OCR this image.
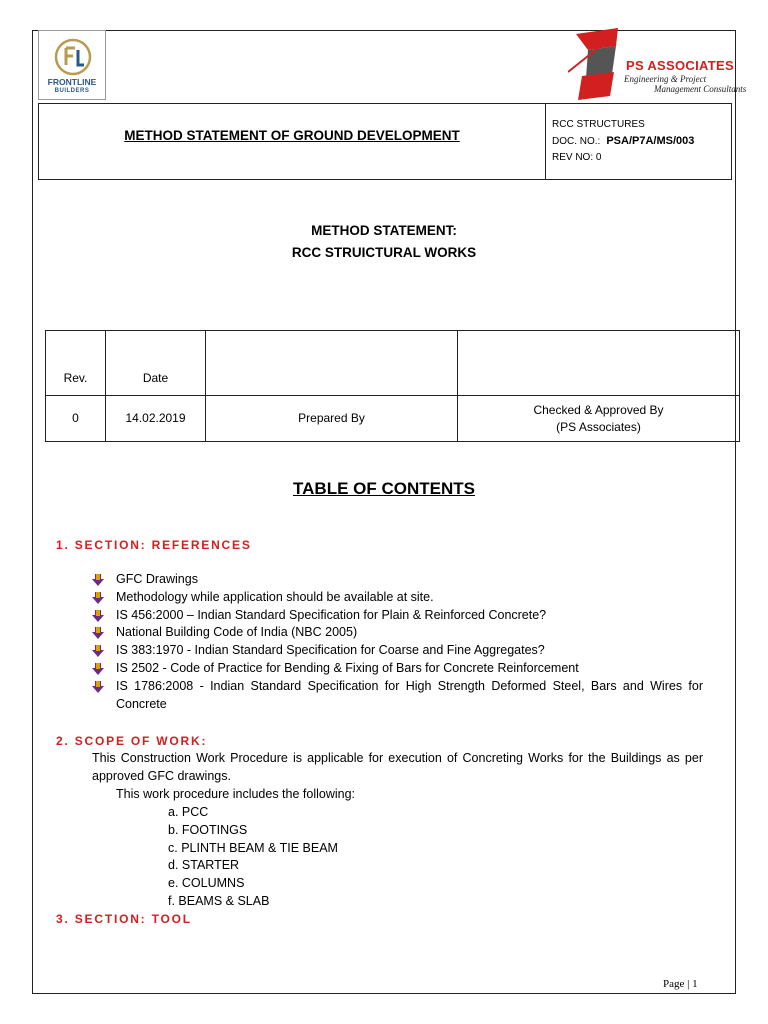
FRONTLINE
BUILDERS
PS ASSOCIATES
Engineering & Project
Management Consultants
METHOD STATEMENT OF GROUND DEVELOPMENT
RCC STRUCTURES
DOC. NO.: PSA/P7A/MS/003
REV NO: 0
METHOD STATEMENT:
RCC STRUICTURAL WORKS
Rev.	Date		
0	14.02.2019	Prepared By	Checked & Approved By
(PS Associates)
TABLE OF CONTENTS
1. SECTION: REFERENCES
GFC Drawings
Methodology while application should be available at site.
IS 456:2000 – Indian Standard Specification for Plain & Reinforced Concrete?
National Building Code of India (NBC 2005)
IS 383:1970 - Indian Standard Specification for Coarse and Fine Aggregates?
IS 2502 - Code of Practice for Bending & Fixing of Bars for Concrete Reinforcement
IS 1786:2008 - Indian Standard Specification for High Strength Deformed Steel, Bars and Wires for Concrete
2. SCOPE OF WORK:
This Construction Work Procedure is applicable for execution of Concreting Works for the Buildings as per approved GFC drawings.
This work procedure includes the following:
a. PCC
b. FOOTINGS
c. PLINTH BEAM & TIE BEAM
d. STARTER
e. COLUMNS
f. BEAMS & SLAB
3. SECTION: TOOL
Page | 1
